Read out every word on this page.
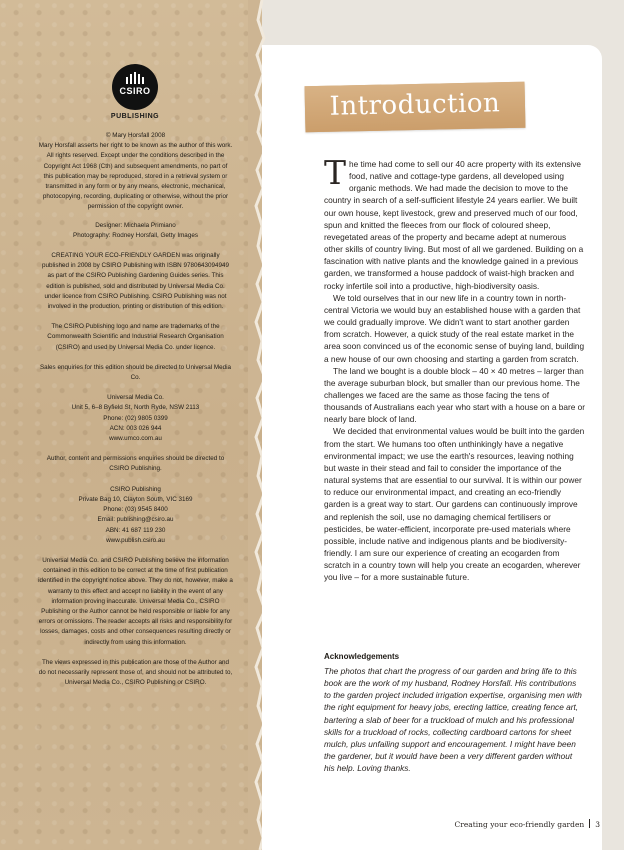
CSIRO
PUBLISHING

© Mary Horsfall 2008
Mary Horsfall asserts her right to be known as the author of this work. All rights reserved. Except under the conditions described in the Copyright Act 1968 (Cth) and subsequent amendments, no part of this publication may be reproduced, stored in a retrieval system or transmitted in any form or by any means, electronic, mechanical, photocopying, recording, duplicating or otherwise, without the prior permission of the copyright owner.

Designer: Michaela Primiano
Photography: Rodney Horsfall, Getty Images

CREATING YOUR ECO-FRIENDLY GARDEN was originally published in 2008 by CSIRO Publishing with ISBN 9780643094949 as part of the CSIRO Publishing Gardening Guides series. This edition is published, sold and distributed by Universal Media Co. under licence from CSIRO Publishing. CSIRO Publishing was not involved in the production, printing or distribution of this edition.

The CSIRO Publishing logo and name are trademarks of the Commonwealth Scientific and Industrial Research Organisation (CSIRO) and used by Universal Media Co. under licence.

Sales enquiries for this edition should be directed to Universal Media Co.

Universal Media Co.
Unit 5, 6–8 Byfield St, North Ryde, NSW 2113
Phone: (02) 9805 0399
ACN: 003 026 944
www.umco.com.au

Author, content and permissions enquiries should be directed to CSIRO Publishing.

CSIRO Publishing
Private Bag 10, Clayton South, VIC 3169
Phone: (03) 9545 8400
Email: publishing@csiro.au
ABN: 41 687 119 230
www.publish.csiro.au

Universal Media Co. and CSIRO Publishing believe the information contained in this edition to be correct at the time of first publication identified in the copyright notice above. They do not, however, make a warranty to this effect and accept no liability in the event of any information proving inaccurate. Universal Media Co., CSIRO Publishing or the Author cannot be held responsible or liable for any errors or omissions. The reader accepts all risks and responsibility for losses, damages, costs and other consequences resulting directly or indirectly from using this information.

The views expressed in this publication are those of the Author and do not necessarily represent those of, and should not be attributed to, Universal Media Co., CSIRO Publishing or CSIRO.

Introduction

The time had come to sell our 40 acre property with its extensive food, native and cottage-type gardens, all developed using organic methods. We had made the decision to move to the country in search of a self-sufficient lifestyle 24 years earlier. We built our own house, kept livestock, grew and preserved much of our food, spun and knitted the fleeces from our flock of coloured sheep, revegetated areas of the property and became adept at numerous other skills of country living. But most of all we gardened. Building on a fascination with native plants and the knowledge gained in a previous garden, we transformed a house paddock of waist-high bracken and rocky infertile soil into a productive, high-biodiversity oasis.

We told ourselves that in our new life in a country town in north-central Victoria we would buy an established house with a garden that we could gradually improve. We didn't want to start another garden from scratch. However, a quick study of the real estate market in the area soon convinced us of the economic sense of buying land, building a new house of our own choosing and starting a garden from scratch.

The land we bought is a double block – 40 × 40 metres – larger than the average suburban block, but smaller than our previous home. The challenges we faced are the same as those facing the tens of thousands of Australians each year who start with a house on a bare or nearly bare block of land.

We decided that environmental values would be built into the garden from the start. We humans too often unthinkingly have a negative environmental impact; we use the earth's resources, leaving nothing but waste in their stead and fail to consider the importance of the natural systems that are essential to our survival. It is within our power to reduce our environmental impact, and creating an eco-friendly garden is a great way to start. Our gardens can continuously improve and replenish the soil, use no damaging chemical fertilisers or pesticides, be water-efficient, incorporate pre-used materials where possible, include native and indigenous plants and be biodiversity-friendly. I am sure our experience of creating an ecogarden from scratch in a country town will help you create an ecogarden, wherever you live – for a more sustainable future.

Acknowledgements
The photos that chart the progress of our garden and bring life to this book are the work of my husband, Rodney Horsfall. His contributions to the garden project included irrigation expertise, organising men with the right equipment for heavy jobs, erecting lattice, creating fence art, bartering a slab of beer for a truckload of mulch and his professional skills for a truckload of rocks, collecting cardboard cartons for sheet mulch, plus unfailing support and encouragement. I might have been the gardener, but it would have been a very different garden without his help. Loving thanks.
Creating your eco-friendly garden 3
